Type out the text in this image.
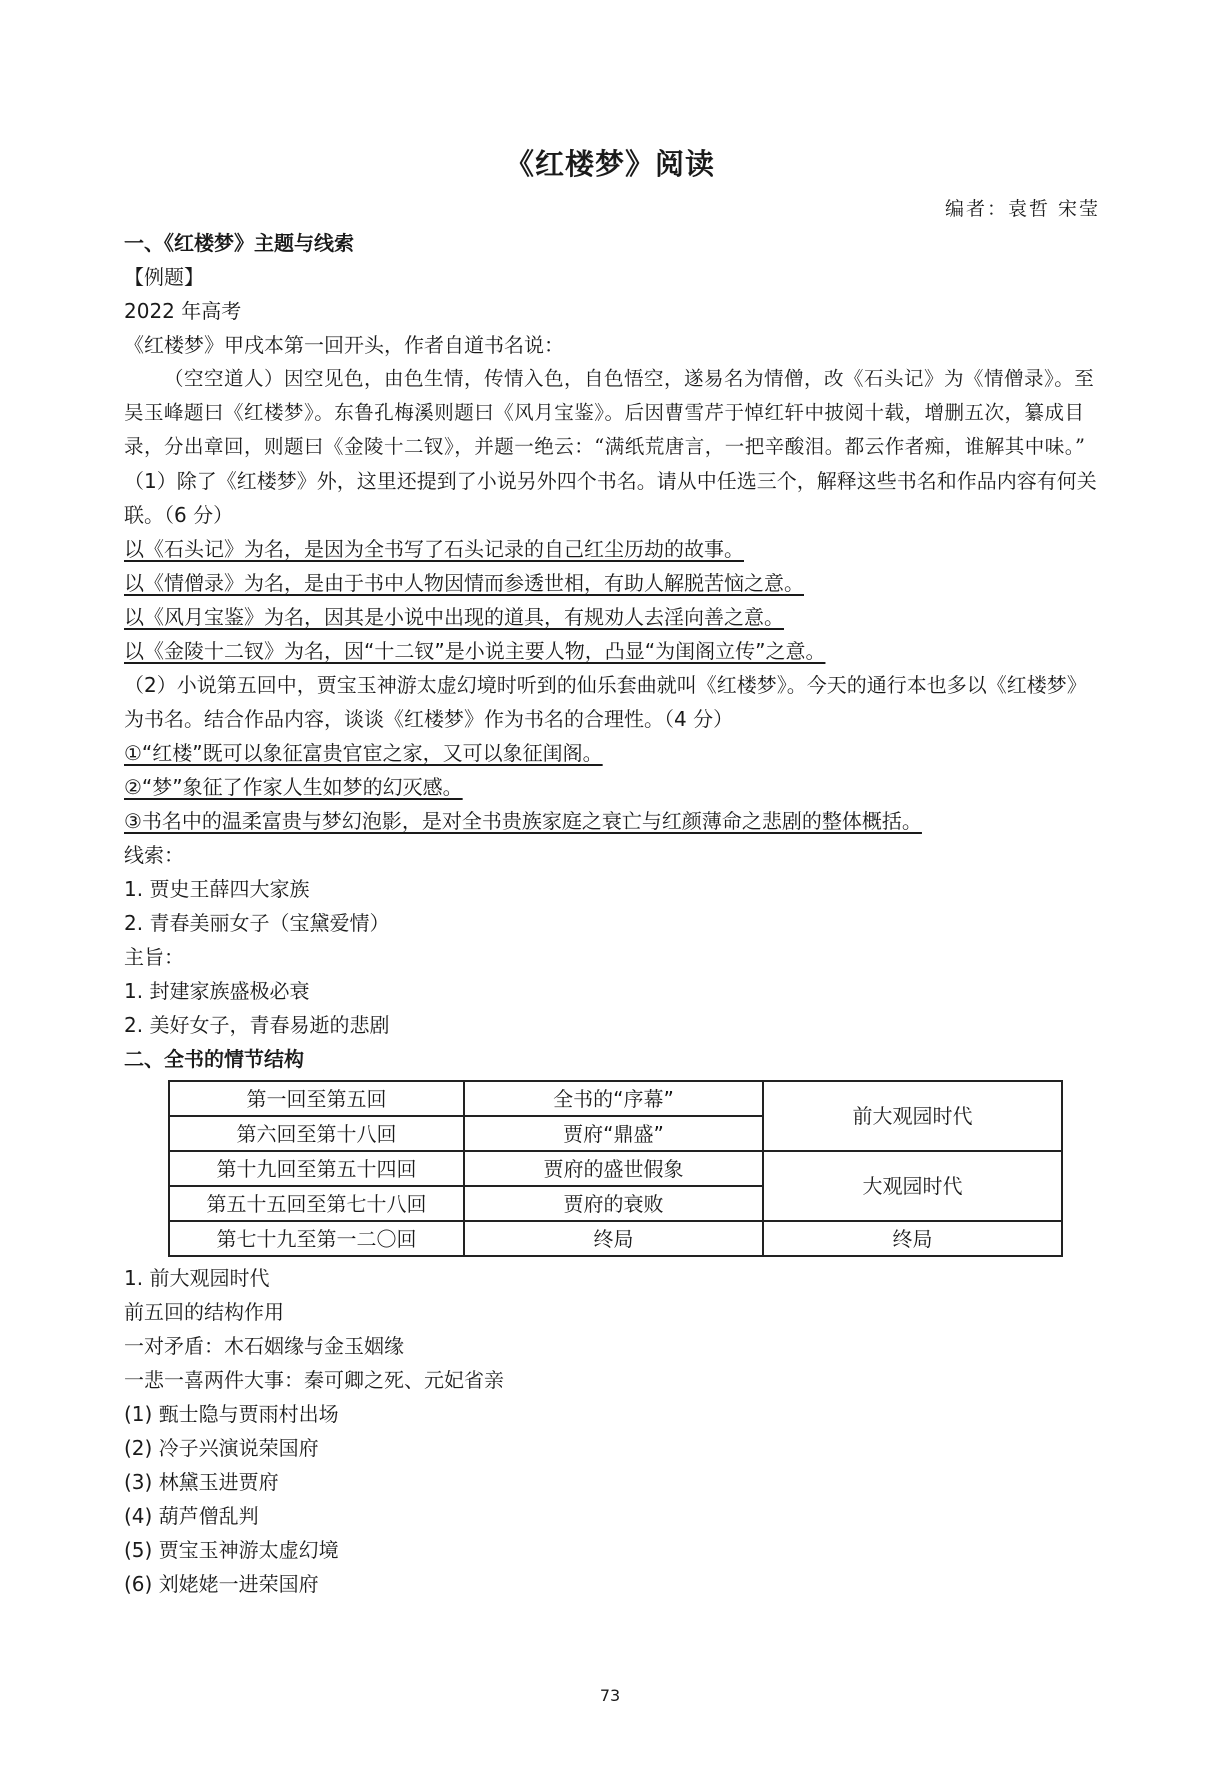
《红楼梦》阅读
编者：袁哲 宋莹

一、《红楼梦》主题与线索

【例题】

2022 年高考

《红楼梦》甲戌本第一回开头，作者自道书名说：

（空空道人）因空见色，由色生情，传情入色，自色悟空，遂易名为情僧，改《石头记》为《情僧录》。至吴玉峰题曰《红楼梦》。东鲁孔梅溪则题曰《风月宝鉴》。后因曹雪芹于悼红轩中披阅十载，增删五次，纂成目录，分出章回，则题曰《金陵十二钗》，并题一绝云：“满纸荒唐言，一把辛酸泪。都云作者痴，谁解其中味。”

（1）除了《红楼梦》外，这里还提到了小说另外四个书名。请从中任选三个，解释这些书名和作品内容有何关联。（6 分）

以《石头记》为名，是因为全书写了石头记录的自己红尘历劫的故事。

以《情僧录》为名，是由于书中人物因情而参透世相，有助人解脱苦恼之意。

以《风月宝鉴》为名，因其是小说中出现的道具，有规劝人去淫向善之意。

以《金陵十二钗》为名，因“十二钗”是小说主要人物，凸显“为闺阁立传”之意。

（2）小说第五回中，贾宝玉神游太虚幻境时听到的仙乐套曲就叫《红楼梦》。今天的通行本也多以《红楼梦》为书名。结合作品内容，谈谈《红楼梦》作为书名的合理性。（4 分）

①“红楼”既可以象征富贵官宦之家，又可以象征闺阁。

②“梦”象征了作家人生如梦的幻灭感。

③书名中的温柔富贵与梦幻泡影，是对全书贵族家庭之衰亡与红颜薄命之悲剧的整体概括。

线索：

1. 贾史王薛四大家族

2. 青春美丽女子（宝黛爱情）

主旨：

1. 封建家族盛极必衰

2. 美好女子，青春易逝的悲剧

二、全书的情节结构

第一回至第五回	全书的“序幕”	前大观园时代
第六回至第十八回	贾府“鼎盛”	
第十九回至第五十四回	贾府的盛世假象	大观园时代
第五十五回至第七十八回	贾府的衰败	
第七十九至第一二〇回	终局	终局

1. 前大观园时代

前五回的结构作用

一对矛盾：木石姻缘与金玉姻缘

一悲一喜两件大事：秦可卿之死、元妃省亲

(1) 甄士隐与贾雨村出场

(2) 冷子兴演说荣国府

(3) 林黛玉进贾府

(4) 葫芦僧乱判

(5) 贾宝玉神游太虚幻境

(6) 刘姥姥一进荣国府

73
